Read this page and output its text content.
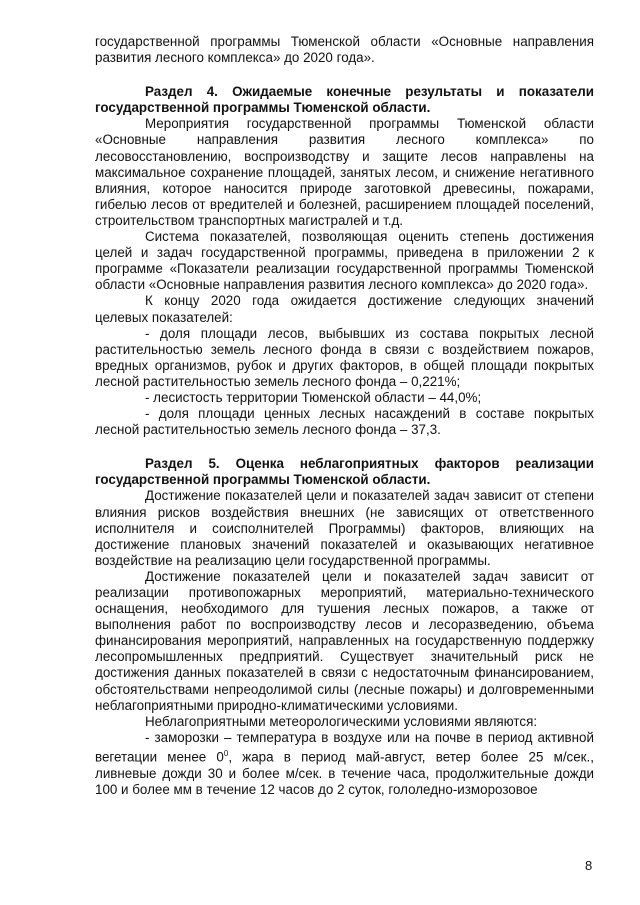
государственной программы Тюменской области «Основные направления развития лесного комплекса» до 2020 года».

Раздел 4. Ожидаемые конечные результаты и показатели государственной программы Тюменской области.

Мероприятия государственной программы Тюменской области «Основные направления развития лесного комплекса» по лесовосстановлению, воспроизводству и защите лесов направлены на максимальное сохранение площадей, занятых лесом, и снижение негативного влияния, которое наносится природе заготовкой древесины, пожарами, гибелью лесов от вредителей и болезней, расширением площадей поселений, строительством транспортных магистралей и т.д.

Система показателей, позволяющая оценить степень достижения целей и задач государственной программы, приведена в приложении 2 к программе «Показатели реализации государственной программы Тюменской области «Основные направления развития лесного комплекса» до 2020 года».

К концу 2020 года ожидается достижение следующих значений целевых показателей:

- доля площади лесов, выбывших из состава покрытых лесной растительностью земель лесного фонда в связи с воздействием пожаров, вредных организмов, рубок и других факторов, в общей площади покрытых лесной растительностью земель лесного фонда – 0,221%;

- лесистость территории Тюменской области – 44,0%;

- доля площади ценных лесных насаждений в составе покрытых лесной растительностью земель лесного фонда – 37,3.

Раздел 5. Оценка неблагоприятных факторов реализации государственной программы Тюменской области.

Достижение показателей цели и показателей задач зависит от степени влияния рисков воздействия внешних (не зависящих от ответственного исполнителя и соисполнителей Программы) факторов, влияющих на достижение плановых значений показателей и оказывающих негативное воздействие на реализацию цели государственной программы.

Достижение показателей цели и показателей задач зависит от реализации противопожарных мероприятий, материально-технического оснащения, необходимого для тушения лесных пожаров, а также от выполнения работ по воспроизводству лесов и лесоразведению, объема финансирования мероприятий, направленных на государственную поддержку лесопромышленных предприятий. Существует значительный риск не достижения данных показателей в связи с недостаточным финансированием, обстоятельствами непреодолимой силы (лесные пожары) и долговременными неблагоприятными природно-климатическими условиями.

Неблагоприятными метеорологическими условиями являются:

- заморозки – температура в воздухе или на почве в период активной вегетации менее $0^0$, жара в период май-август, ветер более 25 м/сек., ливневые дожди 30 и более м/сек. в течение часа, продолжительные дожди 100 и более мм в течение 12 часов до 2 суток, гололедно-изморозовое

8
